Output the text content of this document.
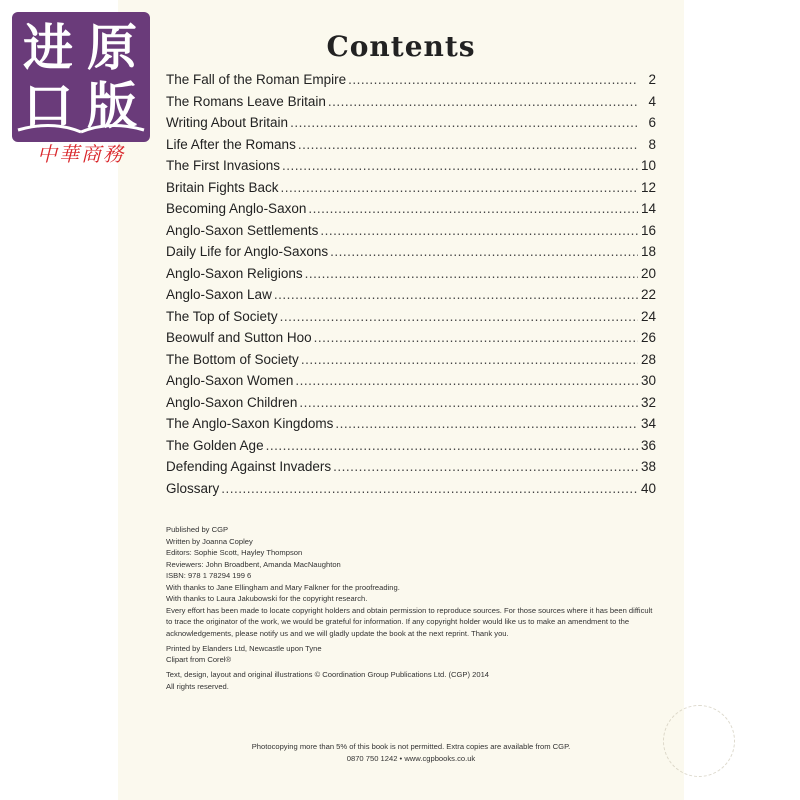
Contents
The Fall of the Roman Empire .....	2
The Romans Leave Britain .....	4
Writing About Britain .....	6
Life After the Romans .....	8
The First Invasions .....	10
Britain Fights Back .....	12
Becoming Anglo-Saxon .....	14
Anglo-Saxon Settlements .....	16
Daily Life for Anglo-Saxons .....	18
Anglo-Saxon Religions .....	20
Anglo-Saxon Law .....	22
The Top of Society .....	24
Beowulf and Sutton Hoo .....	26
The Bottom of Society .....	28
Anglo-Saxon Women .....	30
Anglo-Saxon Children .....	32
The Anglo-Saxon Kingdoms .....	34
The Golden Age .....	36
Defending Against Invaders .....	38
Glossary .....	40

Published by CGP

Written by Joanna Copley

Editors: Sophie Scott, Hayley Thompson

Reviewers: John Broadbent, Amanda MacNaughton

ISBN: 978 1 78294 199 6

With thanks to Jane Ellingham and Mary Falkner for the proofreading.

With thanks to Laura Jakubowski for the copyright research.

Every effort has been made to locate copyright holders and obtain permission to reproduce sources. For those sources where it has been difficult to trace the originator of the work, we would be grateful for information. If any copyright holder would like us to make an amendment to the acknowledgements, please notify us and we will gladly update the book at the next reprint. Thank you.

Printed by Elanders Ltd, Newcastle upon Tyne

Clipart from Corel®

Text, design, layout and original illustrations © Coordination Group Publications Ltd. (CGP) 2014

All rights reserved.

Photocopying more than 5% of this book is not permitted. Extra copies are available from CGP.

0870 750 1242 • www.cgpbooks.co.uk

进 原
口 版
中華商務
